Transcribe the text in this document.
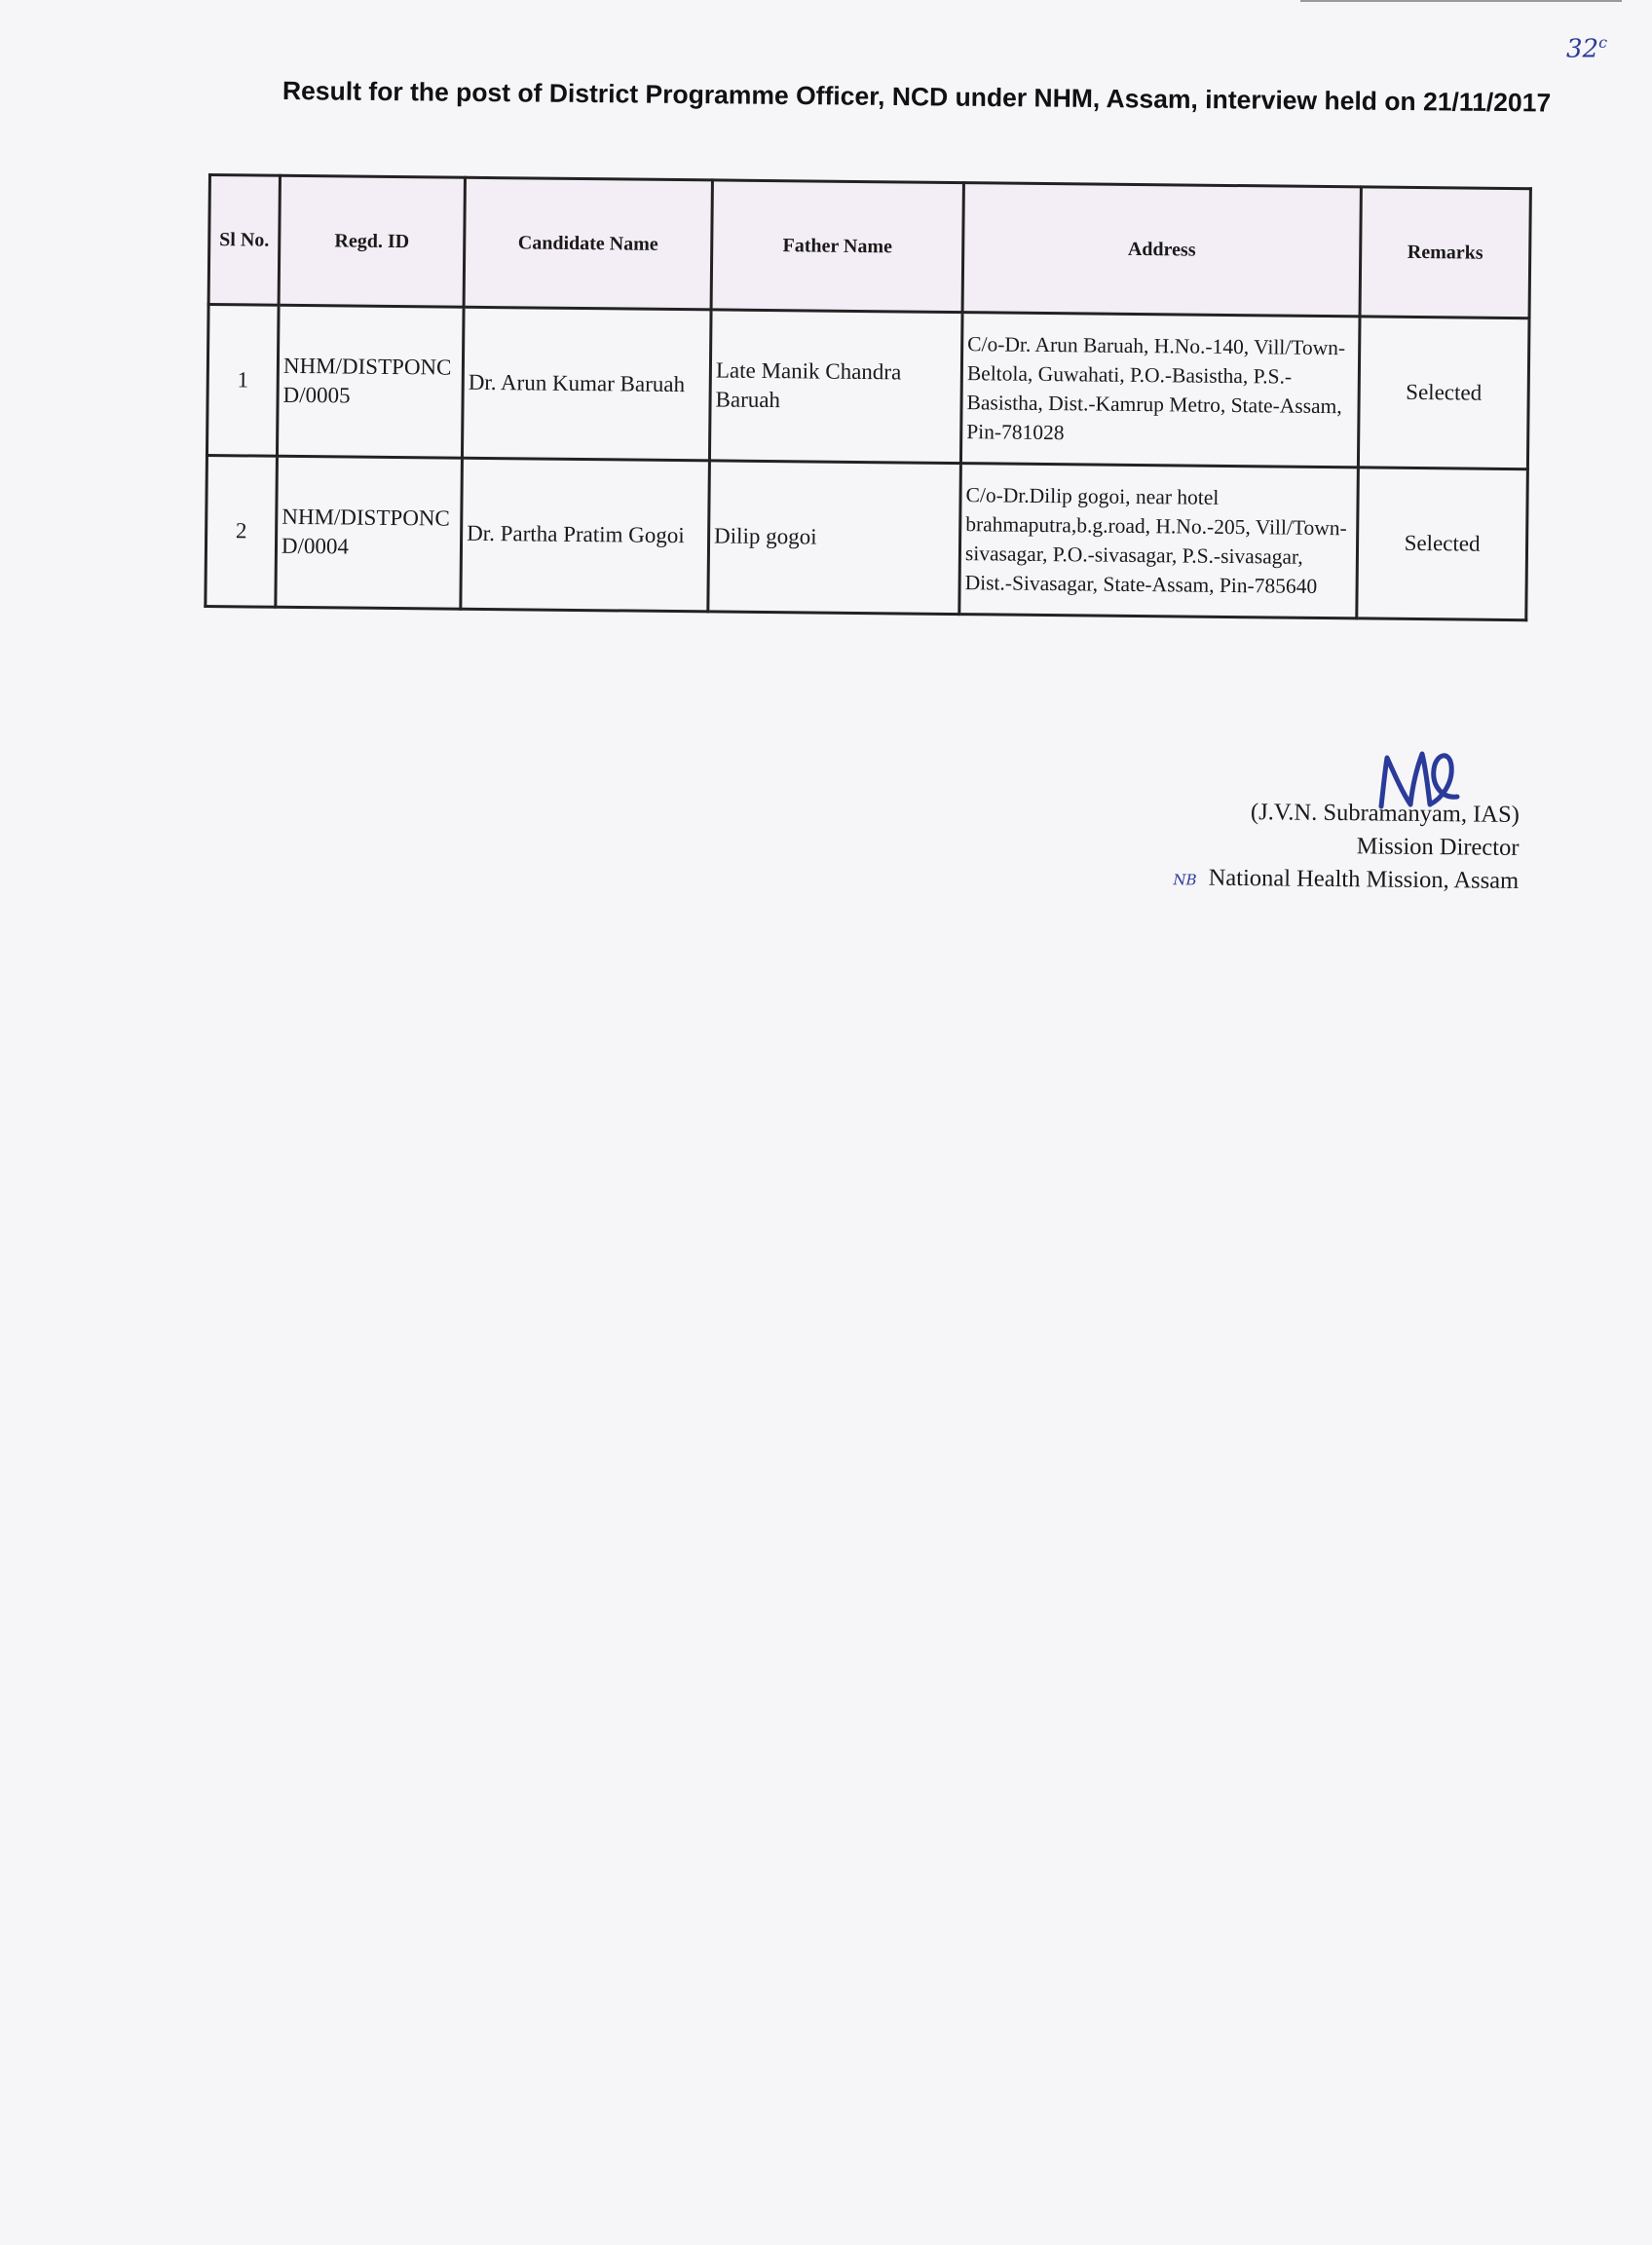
32$^c$
Result for the post of District Programme Officer, NCD under NHM, Assam, interview held on 21/11/2017
Sl No.	Regd. ID	Candidate Name	Father Name	Address	Remarks
1	NHM/DISTPONCD/0005	Dr. Arun Kumar Baruah	Late Manik Chandra Baruah	C/o-Dr. Arun Baruah, H.No.-140, Vill/Town-Beltola, Guwahati, P.O.-Basistha, P.S.-Basistha, Dist.-Kamrup Metro, State-Assam, Pin-781028	Selected
2	NHM/DISTPONCD/0004	Dr. Partha Pratim Gogoi	Dilip gogoi	C/o-Dr.Dilip gogoi, near hotel brahmaputra,b.g.road, H.No.-205, Vill/Town-sivasagar, P.O.-sivasagar, P.S.-sivasagar, Dist.-Sivasagar, State-Assam, Pin-785640	Selected
(J.V.N. Subramanyam, IAS)
Mission Director
NB National Health Mission, Assam
